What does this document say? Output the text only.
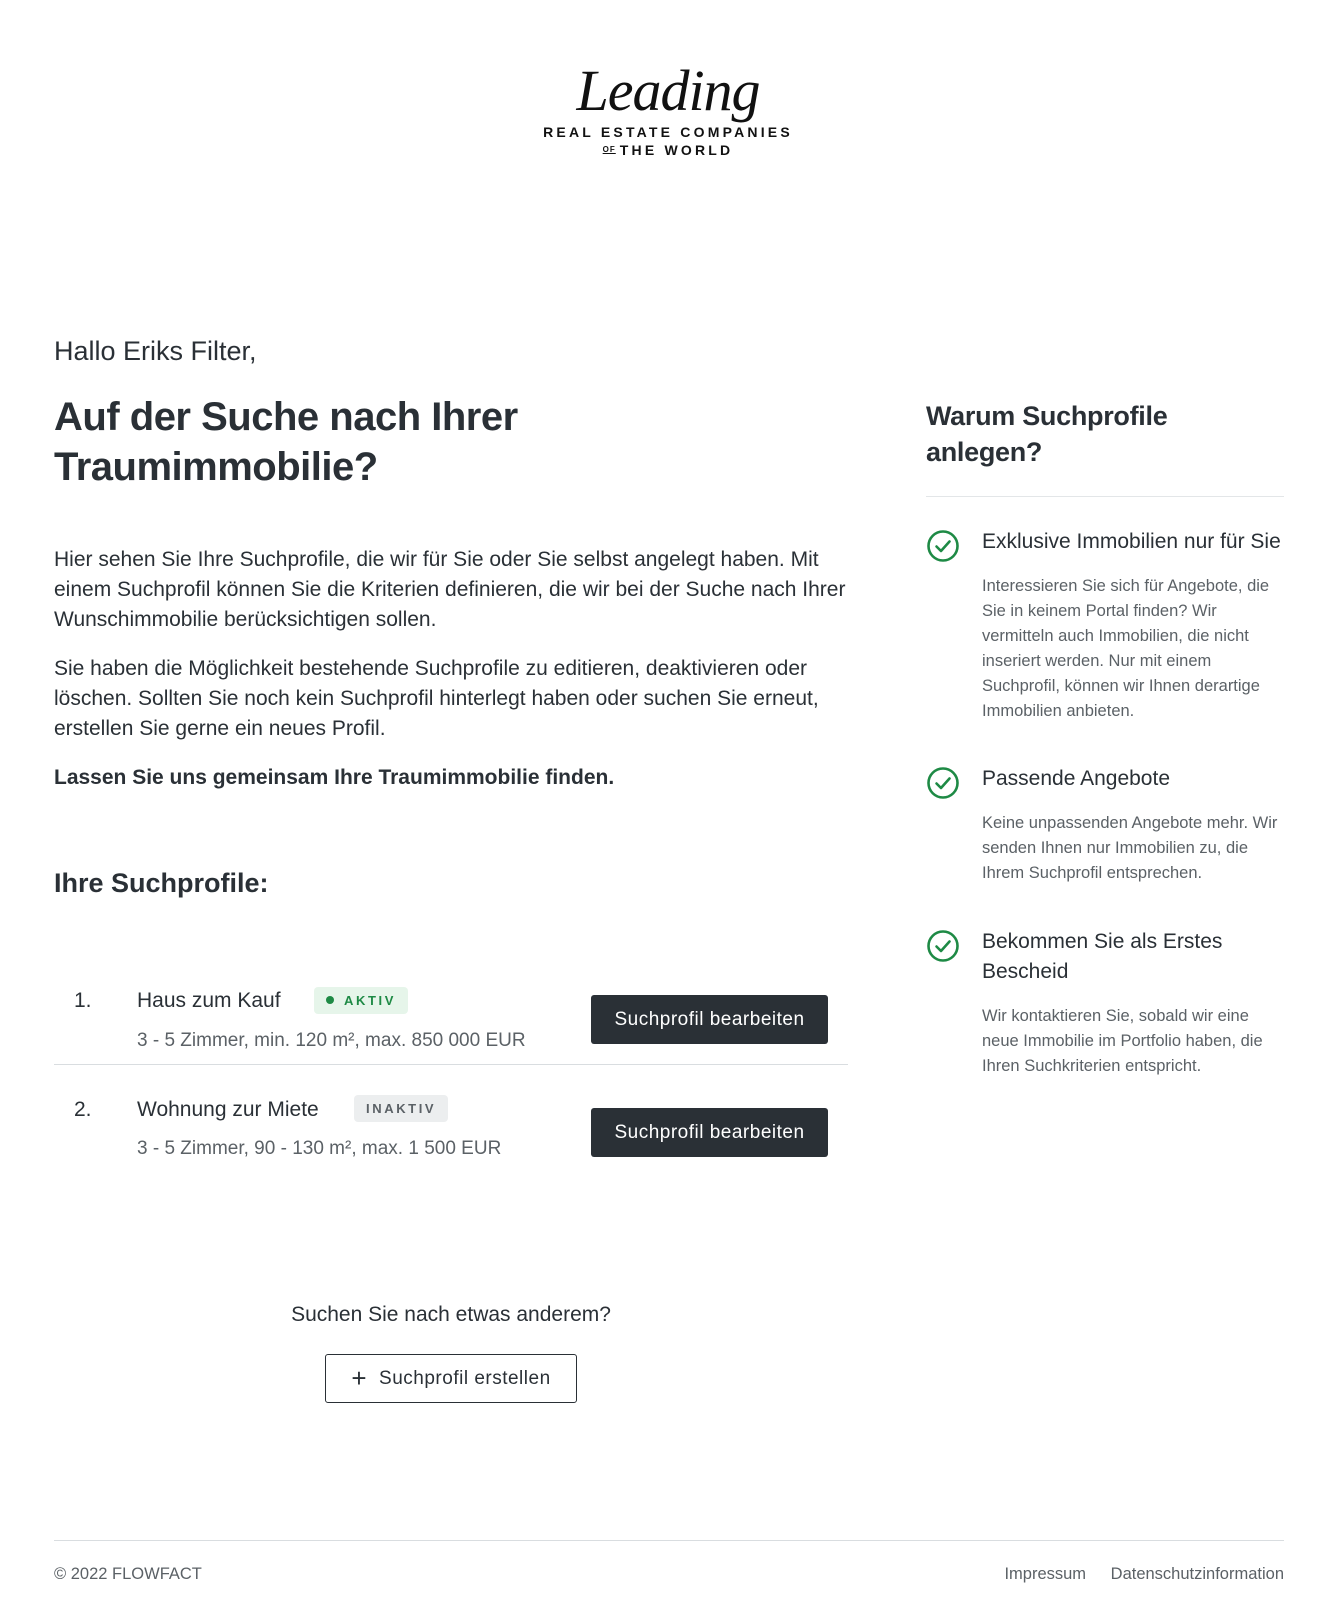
Leading
REAL ESTATE COMPANIES
$^{OF}$ THE WORLD
Hallo Eriks Filter,
Auf der Suche nach Ihrer Traumimmobilie?

Hier sehen Sie Ihre Suchprofile, die wir für Sie oder Sie selbst angelegt haben. Mit einem Suchprofil können Sie die Kriterien definieren, die wir bei der Suche nach Ihrer Wunschimmobilie berücksichtigen sollen.

Sie haben die Möglichkeit bestehende Suchprofile zu editieren, deaktivieren oder löschen. Sollten Sie noch kein Suchprofil hinterlegt haben oder suchen Sie erneut, erstellen Sie gerne ein neues Profil.

Lassen Sie uns gemeinsam Ihre Traumimmobilie finden.

Ihre Suchprofile:
1. Haus zum Kauf	AKTIV
3 - 5 Zimmer, min. 120 m², max. 850 000 EUR
Suchprofil bearbeiten
2. Wohnung zur Miete	INAKTIV
3 - 5 Zimmer, 90 - 130 m², max. 1 500 EUR
Suchprofil bearbeiten
Suchen Sie nach etwas anderem?
+ Suchprofil erstellen
Warum Suchprofile anlegen?
Exklusive Immobilien nur für Sie
Interessieren Sie sich für Angebote, die Sie in keinem Portal finden? Wir vermitteln auch Immobilien, die nicht inseriert werden. Nur mit einem Suchprofil, können wir Ihnen derartige Immobilien anbieten.
Passende Angebote
Keine unpassenden Angebote mehr. Wir senden Ihnen nur Immobilien zu, die Ihrem Suchprofil entsprechen.
Bekommen Sie als Erstes Bescheid
Wir kontaktieren Sie, sobald wir eine neue Immobilie im Portfolio haben, die Ihren Suchkriterien entspricht.
© 2022 FLOWFACT	Impressum Datenschutzinformation
